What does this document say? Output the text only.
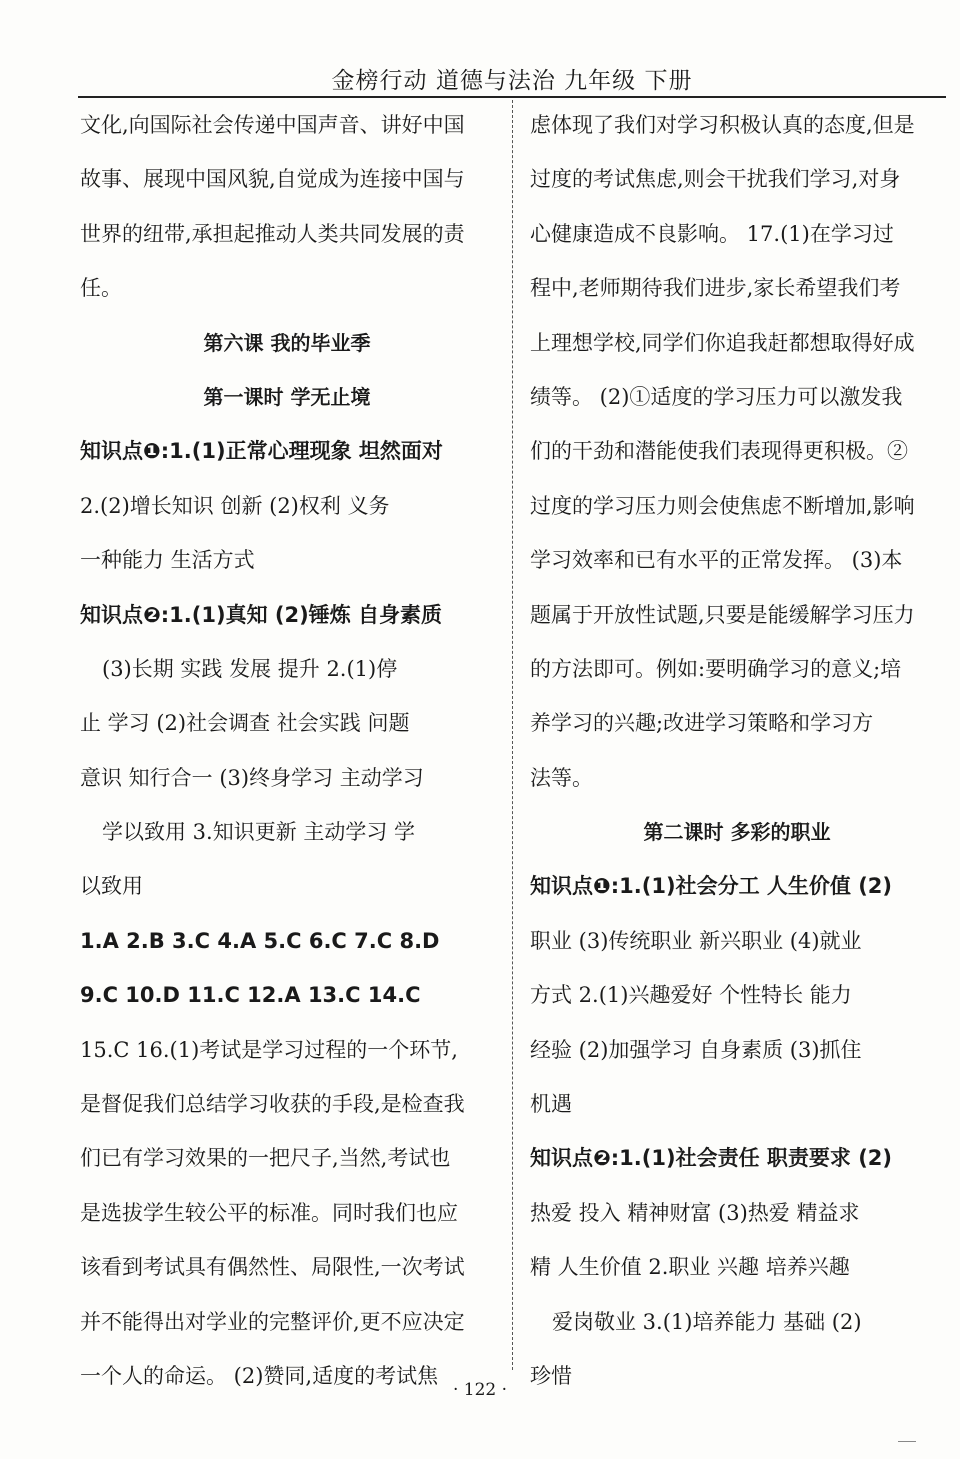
金榜行动 道德与法治 九年级 下册
文化,向国际社会传递中国声音、讲好中国
故事、展现中国风貌,自觉成为连接中国与
世界的纽带,承担起推动人类共同发展的责
任。
第六课 我的毕业季
第一课时 学无止境
知识点❶:1.(1)正常心理现象 坦然面对
2.(2)增长知识 创新 (2)权利 义务
一种能力 生活方式
知识点❷:1.(1)真知 (2)锤炼 自身素质
(3)长期 实践 发展 提升 2.(1)停
止 学习 (2)社会调查 社会实践 问题
意识 知行合一 (3)终身学习 主动学习
学以致用 3.知识更新 主动学习 学
以致用
1.A 2.B 3.C 4.A 5.C 6.C 7.C 8.D
9.C 10.D 11.C 12.A 13.C 14.C
15.C 16.(1)考试是学习过程的一个环节,
是督促我们总结学习收获的手段,是检查我
们已有学习效果的一把尺子,当然,考试也
是选拔学生较公平的标准。同时我们也应
该看到考试具有偶然性、局限性,一次考试
并不能得出对学业的完整评价,更不应决定
一个人的命运。 (2)赞同,适度的考试焦
虑体现了我们对学习积极认真的态度,但是
过度的考试焦虑,则会干扰我们学习,对身
心健康造成不良影响。 17.(1)在学习过
程中,老师期待我们进步,家长希望我们考
上理想学校,同学们你追我赶都想取得好成
绩等。 (2)①适度的学习压力可以激发我
们的干劲和潜能使我们表现得更积极。②
过度的学习压力则会使焦虑不断增加,影响
学习效率和已有水平的正常发挥。 (3)本
题属于开放性试题,只要是能缓解学习压力
的方法即可。例如:要明确学习的意义;培
养学习的兴趣;改进学习策略和学习方
法等。
第二课时 多彩的职业
知识点❶:1.(1)社会分工 人生价值 (2)
职业 (3)传统职业 新兴职业 (4)就业
方式 2.(1)兴趣爱好 个性特长 能力
经验 (2)加强学习 自身素质 (3)抓住
机遇
知识点❷:1.(1)社会责任 职责要求 (2)
热爱 投入 精神财富 (3)热爱 精益求
精 人生价值 2.职业 兴趣 培养兴趣
爱岗敬业 3.(1)培养能力 基础 (2)
珍惜
· 122 ·
